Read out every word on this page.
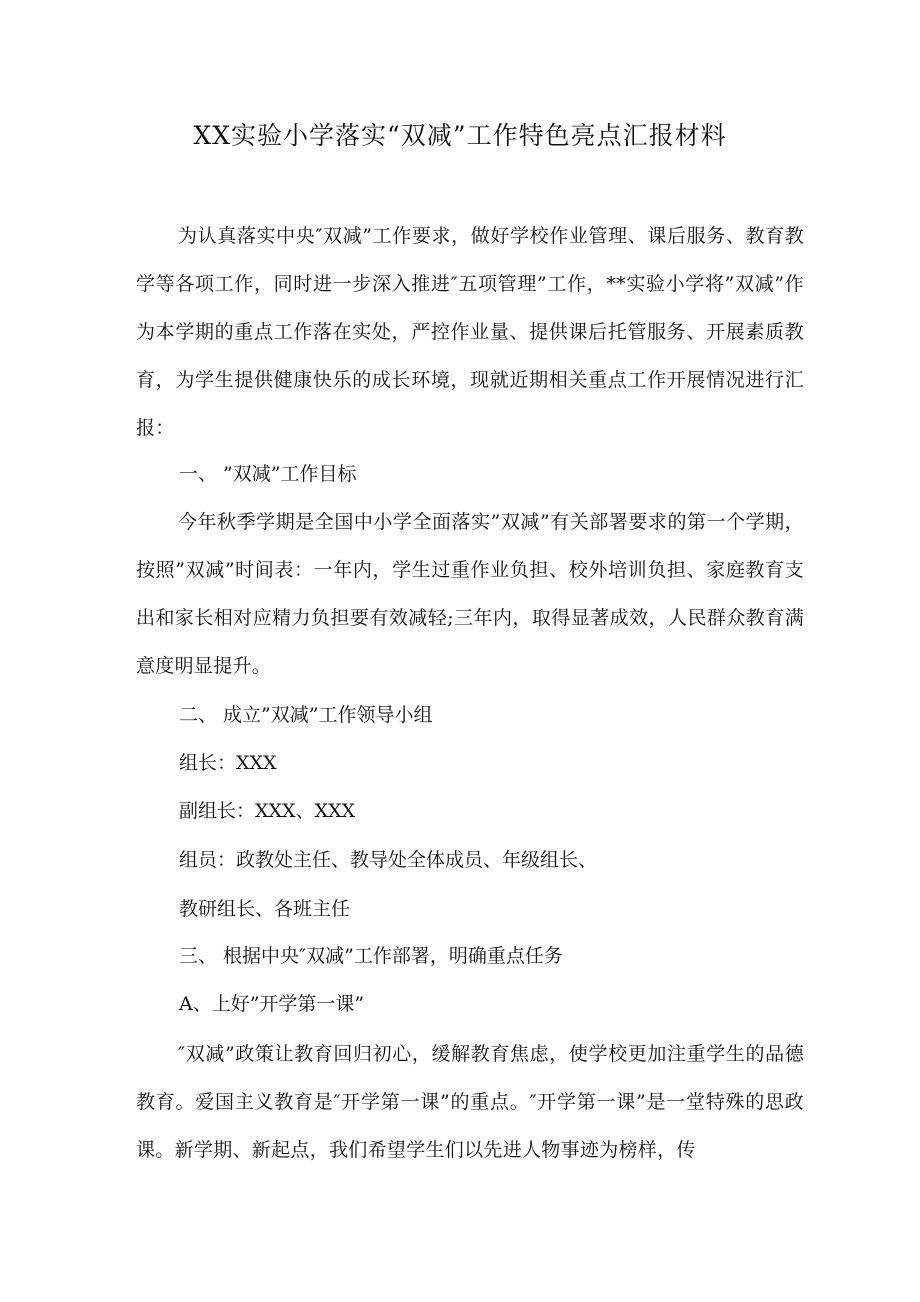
XX实验小学落实“双减”工作特色亮点汇报材料

为认真落实中央″双减”工作要求，做好学校作业管理、课后服务、教育教学等各项工作，同时进一步深入推进″五项管理”工作，**实验小学将”双减”作为本学期的重点工作落在实处，严控作业量、提供课后托管服务、开展素质教育，为学生提供健康快乐的成长环境，现就近期相关重点工作开展情况进行汇报：

一、 ”双减”工作目标

今年秋季学期是全国中小学全面落实”双减”有关部署要求的第一个学期，按照”双减”时间表：一年内，学生过重作业负担、校外培训负担、家庭教育支出和家长相对应精力负担要有效减轻;三年内，取得显著成效，人民群众教育满意度明显提升。

二、 成立”双减”工作领导小组

组长：XXX

副组长：XXX、XXX

组员：政教处主任、教导处全体成员、年级组长、

教研组长、各班主任

三、 根据中央″双减”工作部署，明确重点任务

A、上好”开学第一课”

″双减”政策让教育回归初心，缓解教育焦虑，使学校更加注重学生的品德教育。爱国主义教育是″开学第一课”的重点。″开学第一课”是一堂特殊的思政课。新学期、新起点，我们希望学生们以先进人物事迹为榜样，传
